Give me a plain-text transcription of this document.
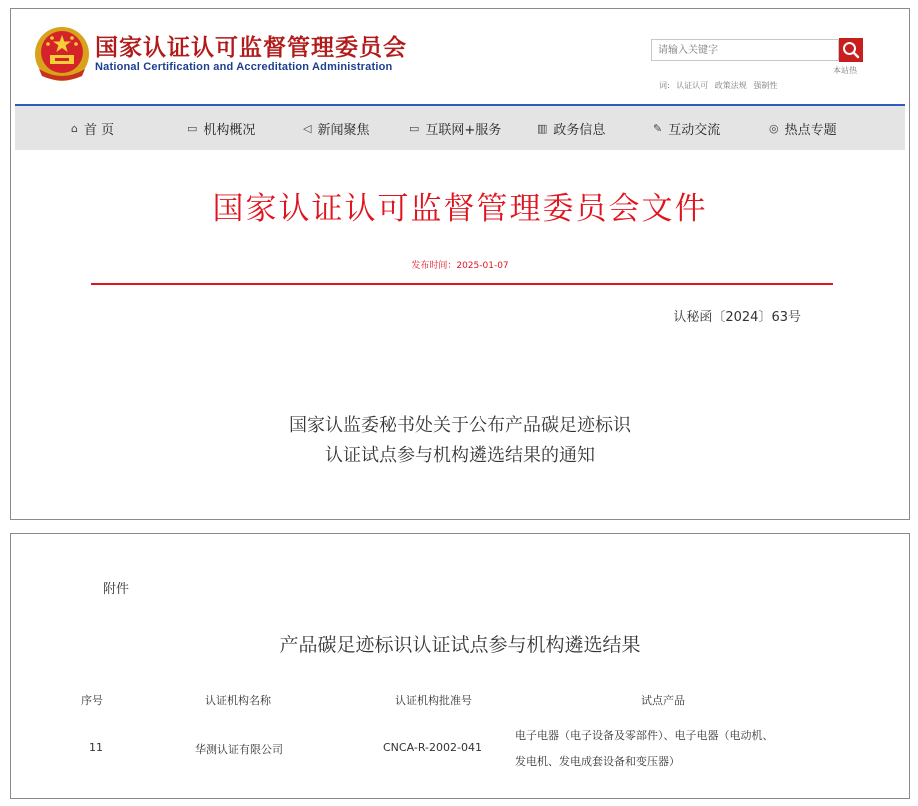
国家认证认可监督管理委员会
National Certification and Accreditation Administration
请输入关键字	本站热
词: 认证认可 政策法规 强制性
⌂ 首 页	▭ 机构概况	◁ 新闻聚焦	▭ 互联网+服务	▥ 政务信息	✎ 互动交流	◎ 热点专题
国家认证认可监督管理委员会文件
发布时间：2025-01-07
认秘函〔2024〕63号
国家认监委秘书处关于公布产品碳足迹标识
认证试点参与机构遴选结果的通知
附件
产品碳足迹标识认证试点参与机构遴选结果
序号	认证机构名称	认证机构批准号	试点产品
11	华测认证有限公司	CNCA-R-2002-041
电子电器（电子设备及零部件）、电子电器（电动机、
发电机、发电成套设备和变压器）
